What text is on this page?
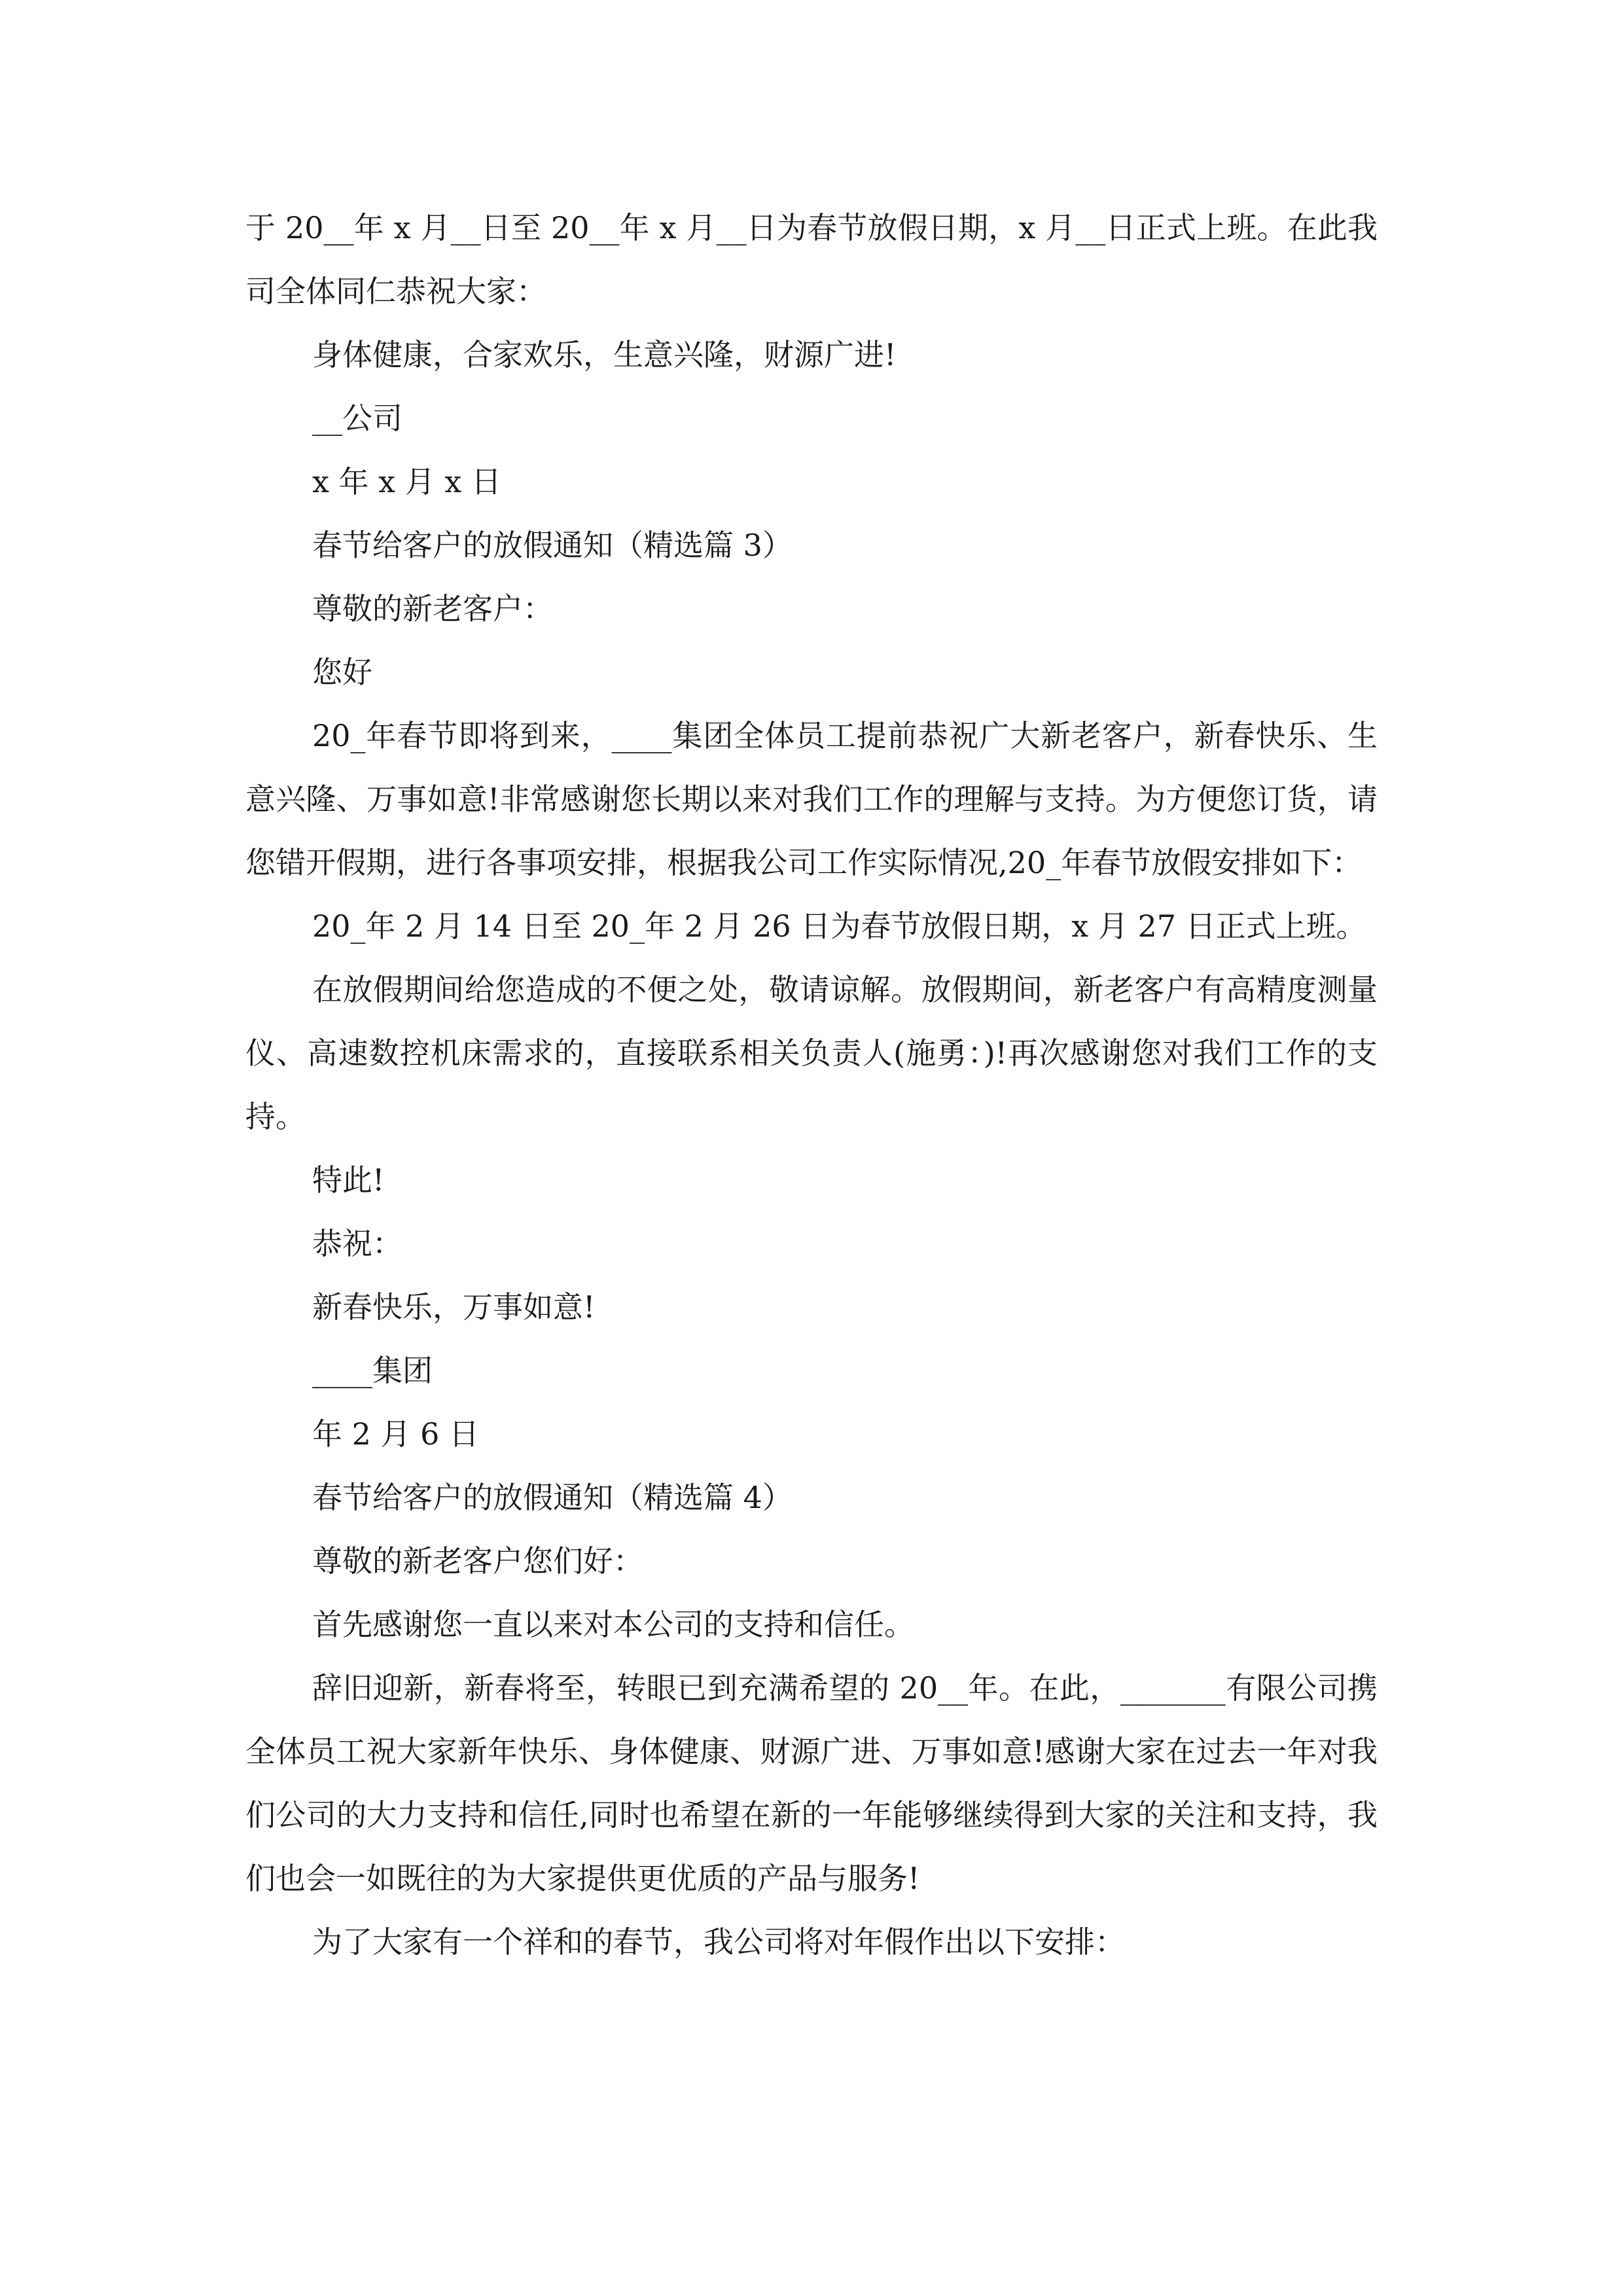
于 20__年 x 月__日至 20__年 x 月__日为春节放假日期，x 月__日正式上班。在此我司全体同仁恭祝大家：

身体健康，合家欢乐，生意兴隆，财源广进!

__公司

x 年 x 月 x 日

春节给客户的放假通知（精选篇 3）

尊敬的新老客户：

您好

20_年春节即将到来，____集团全体员工提前恭祝广大新老客户，新春快乐、生意兴隆、万事如意!非常感谢您长期以来对我们工作的理解与支持。为方便您订货，请您错开假期，进行各事项安排，根据我公司工作实际情况,20_年春节放假安排如下：

20_年 2 月 14 日至 20_年 2 月 26 日为春节放假日期，x 月 27 日正式上班。

在放假期间给您造成的不便之处，敬请谅解。放假期间，新老客户有高精度测量仪、高速数控机床需求的，直接联系相关负责人(施勇：)!再次感谢您对我们工作的支持。

特此!

恭祝：

新春快乐，万事如意!

____集团

年 2 月 6 日

春节给客户的放假通知（精选篇 4）

尊敬的新老客户您们好：

首先感谢您一直以来对本公司的支持和信任。

辞旧迎新，新春将至，转眼已到充满希望的 20__年。在此，_______有限公司携全体员工祝大家新年快乐、身体健康、财源广进、万事如意!感谢大家在过去一年对我们公司的大力支持和信任,同时也希望在新的一年能够继续得到大家的关注和支持，我们也会一如既往的为大家提供更优质的产品与服务!

为了大家有一个祥和的春节，我公司将对年假作出以下安排：
